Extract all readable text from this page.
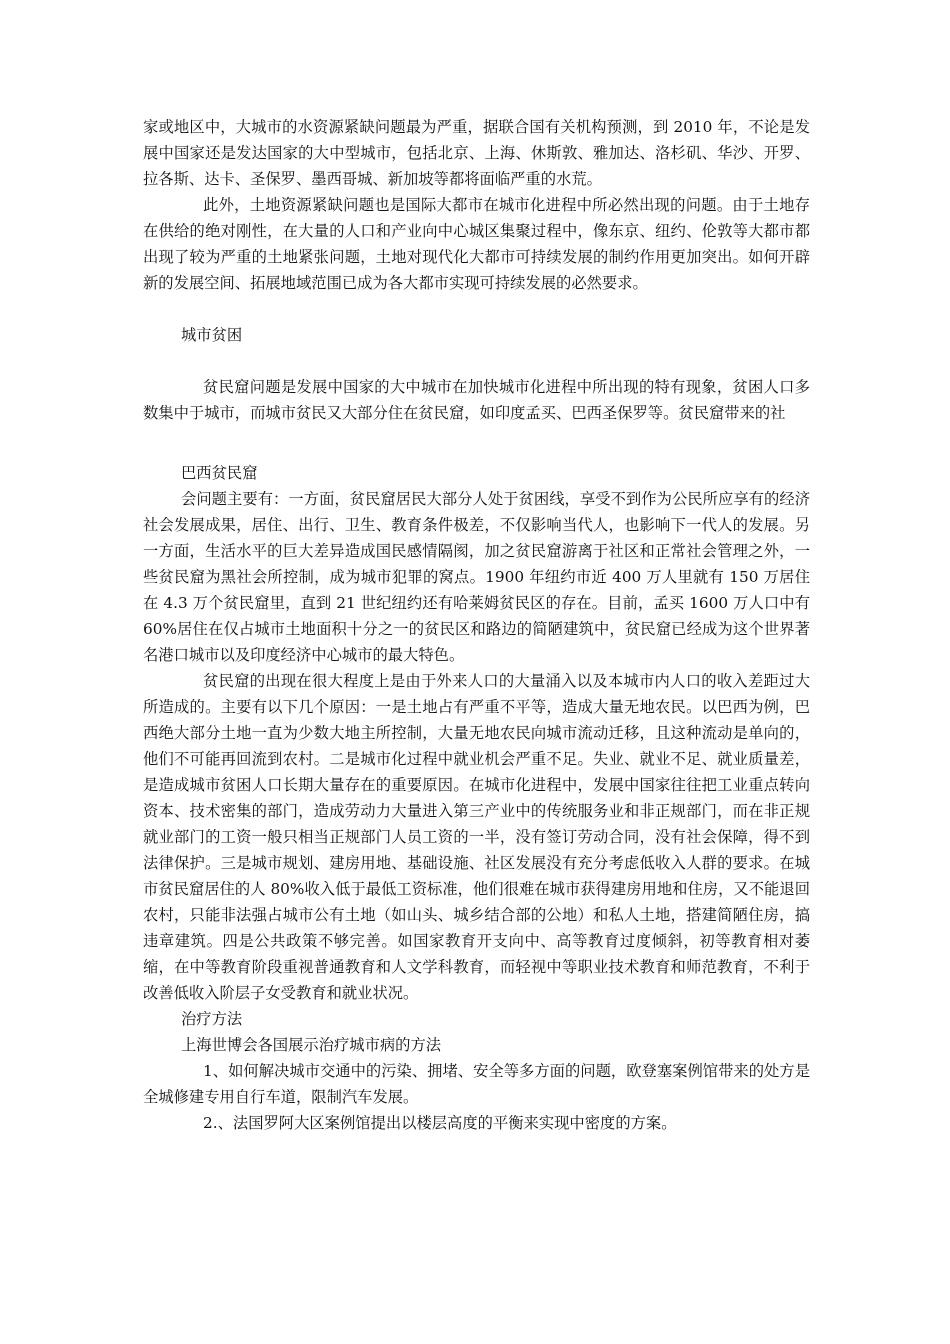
家或地区中，大城市的水资源紧缺问题最为严重，据联合国有关机构预测，到 2010 年，不论是发展中国家还是发达国家的大中型城市，包括北京、上海、休斯敦、雅加达、洛杉矶、华沙、开罗、拉各斯、达卡、圣保罗、墨西哥城、新加坡等都将面临严重的水荒。

此外，土地资源紧缺问题也是国际大都市在城市化进程中所必然出现的问题。由于土地存在供给的绝对刚性，在大量的人口和产业向中心城区集聚过程中，像东京、纽约、伦敦等大都市都出现了较为严重的土地紧张问题，土地对现代化大都市可持续发展的制约作用更加突出。如何开辟新的发展空间、拓展地域范围已成为各大都市实现可持续发展的必然要求。

城市贫困

贫民窟问题是发展中国家的大中城市在加快城市化进程中所出现的特有现象，贫困人口多数集中于城市，而城市贫民又大部分住在贫民窟，如印度孟买、巴西圣保罗等。贫民窟带来的社

巴西贫民窟

会问题主要有：一方面，贫民窟居民大部分人处于贫困线，享受不到作为公民所应享有的经济社会发展成果，居住、出行、卫生、教育条件极差，不仅影响当代人，也影响下一代人的发展。另一方面，生活水平的巨大差异造成国民感情隔阂，加之贫民窟游离于社区和正常社会管理之外，一些贫民窟为黑社会所控制，成为城市犯罪的窝点。1900 年纽约市近 400 万人里就有 150 万居住在 4.3 万个贫民窟里，直到 21 世纪纽约还有哈莱姆贫民区的存在。目前，孟买 1600 万人口中有 60%居住在仅占城市土地面积十分之一的贫民区和路边的简陋建筑中，贫民窟已经成为这个世界著名港口城市以及印度经济中心城市的最大特色。

贫民窟的出现在很大程度上是由于外来人口的大量涌入以及本城市内人口的收入差距过大所造成的。主要有以下几个原因：一是土地占有严重不平等，造成大量无地农民。以巴西为例，巴西绝大部分土地一直为少数大地主所控制，大量无地农民向城市流动迁移，且这种流动是单向的，他们不可能再回流到农村。二是城市化过程中就业机会严重不足。失业、就业不足、就业质量差，是造成城市贫困人口长期大量存在的重要原因。在城市化进程中，发展中国家往往把工业重点转向资本、技术密集的部门，造成劳动力大量进入第三产业中的传统服务业和非正规部门，而在非正规就业部门的工资一般只相当正规部门人员工资的一半，没有签订劳动合同，没有社会保障，得不到法律保护。三是城市规划、建房用地、基础设施、社区发展没有充分考虑低收入人群的要求。在城市贫民窟居住的人 80%收入低于最低工资标准，他们很难在城市获得建房用地和住房，又不能退回农村，只能非法强占城市公有土地（如山头、城乡结合部的公地）和私人土地，搭建简陋住房，搞违章建筑。四是公共政策不够完善。如国家教育开支向中、高等教育过度倾斜，初等教育相对萎缩，在中等教育阶段重视普通教育和人文学科教育，而轻视中等职业技术教育和师范教育，不利于改善低收入阶层子女受教育和就业状况。

治疗方法

上海世博会各国展示治疗城市病的方法

1、如何解决城市交通中的污染、拥堵、安全等多方面的问题，欧登塞案例馆带来的处方是全城修建专用自行车道，限制汽车发展。

2.、法国罗阿大区案例馆提出以楼层高度的平衡来实现中密度的方案。
